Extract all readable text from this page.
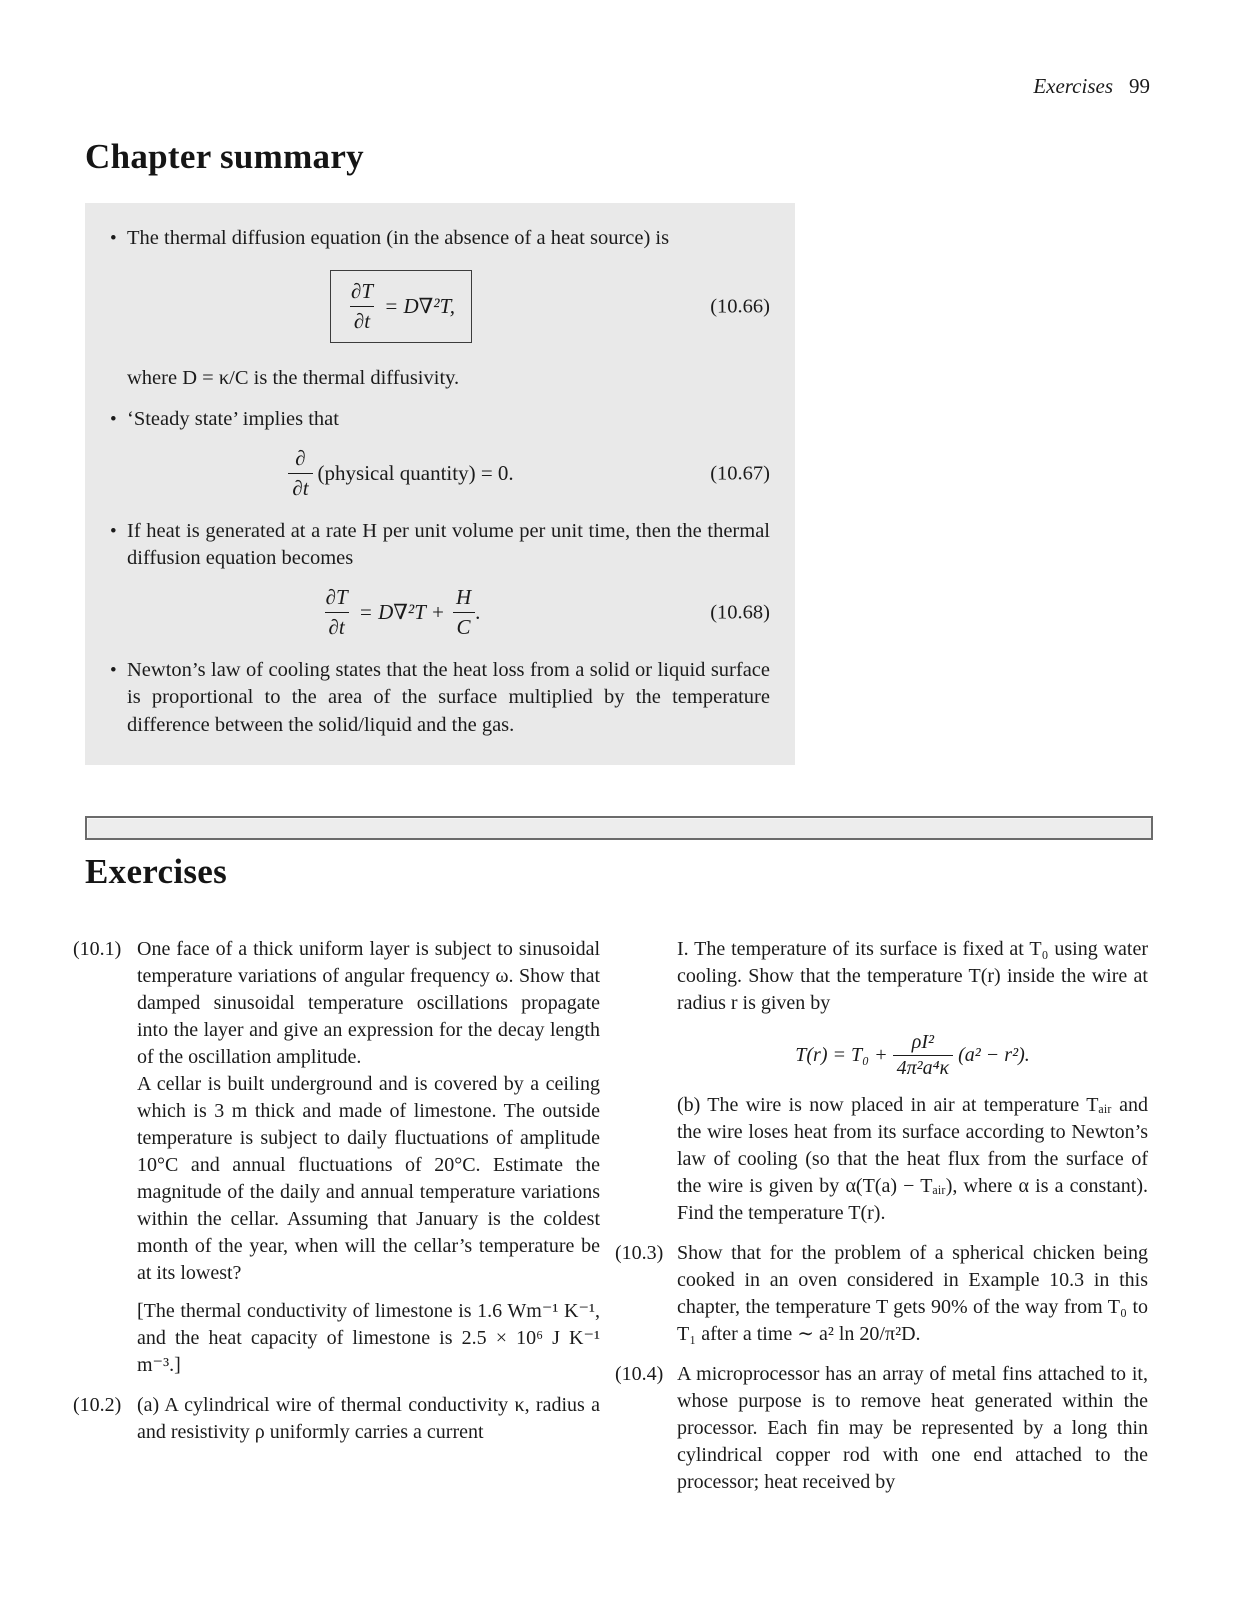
Exercises 99
Chapter summary
•
The thermal diffusion equation (in the absence of a heat source) is
$\frac{\partial T}{\partial t} = D\nabla^2T$,	(10.66)
where D = κ/C is the thermal diffusivity.
•
‘Steady state’ implies that
$\frac{\partial}{\partial t}$ (physical quantity) = 0.	(10.67)
•
If heat is generated at a rate H per unit volume per unit time, then the thermal diffusion equation becomes
$\frac{\partial T}{\partial t} = D\nabla^2T + \frac{H}{C}$ .	(10.68)
•
Newton’s law of cooling states that the heat loss from a solid or liquid surface is proportional to the area of the surface multiplied by the temperature difference between the solid/liquid and the gas.
Exercises
(10.1) One face of a thick uniform layer is subject to sinusoidal temperature variations of angular frequency ω. Show that damped sinusoidal temperature oscillations propagate into the layer and give an expression for the decay length of the oscillation amplitude.

A cellar is built underground and is covered by a ceiling which is 3 m thick and made of limestone. The outside temperature is subject to daily fluctuations of amplitude 10°C and annual fluctuations of 20°C. Estimate the magnitude of the daily and annual temperature variations within the cellar. Assuming that January is the coldest month of the year, when will the cellar’s temperature be at its lowest?

[The thermal conductivity of limestone is 1.6 Wm⁻¹ K⁻¹, and the heat capacity of limestone is 2.5 × 10⁶ J K⁻¹ m⁻³.]

(10.2) (a) A cylindrical wire of thermal conductivity κ, radius a and resistivity ρ uniformly carries a current

I. The temperature of its surface is fixed at T₀ using water cooling. Show that the temperature T(r) inside the wire at radius r is given by

$T(r) = T_0 + \frac{\text{ρI²}}{\text{4π²a⁴κ}} (a^2 - r^2)$.

(b) The wire is now placed in air at temperature Tₐᵢᵣ and the wire loses heat from its surface according to Newton’s law of cooling (so that the heat flux from the surface of the wire is given by α(T(a) − Tₐᵢᵣ), where α is a constant). Find the temperature T(r).

(10.3) Show that for the problem of a spherical chicken being cooked in an oven considered in Example 10.3 in this chapter, the temperature T gets 90% of the way from T₀ to T₁ after a time ∼ a² ln 20/π²D.

(10.4) A microprocessor has an array of metal fins attached to it, whose purpose is to remove heat generated within the processor. Each fin may be represented by a long thin cylindrical copper rod with one end attached to the processor; heat received by
